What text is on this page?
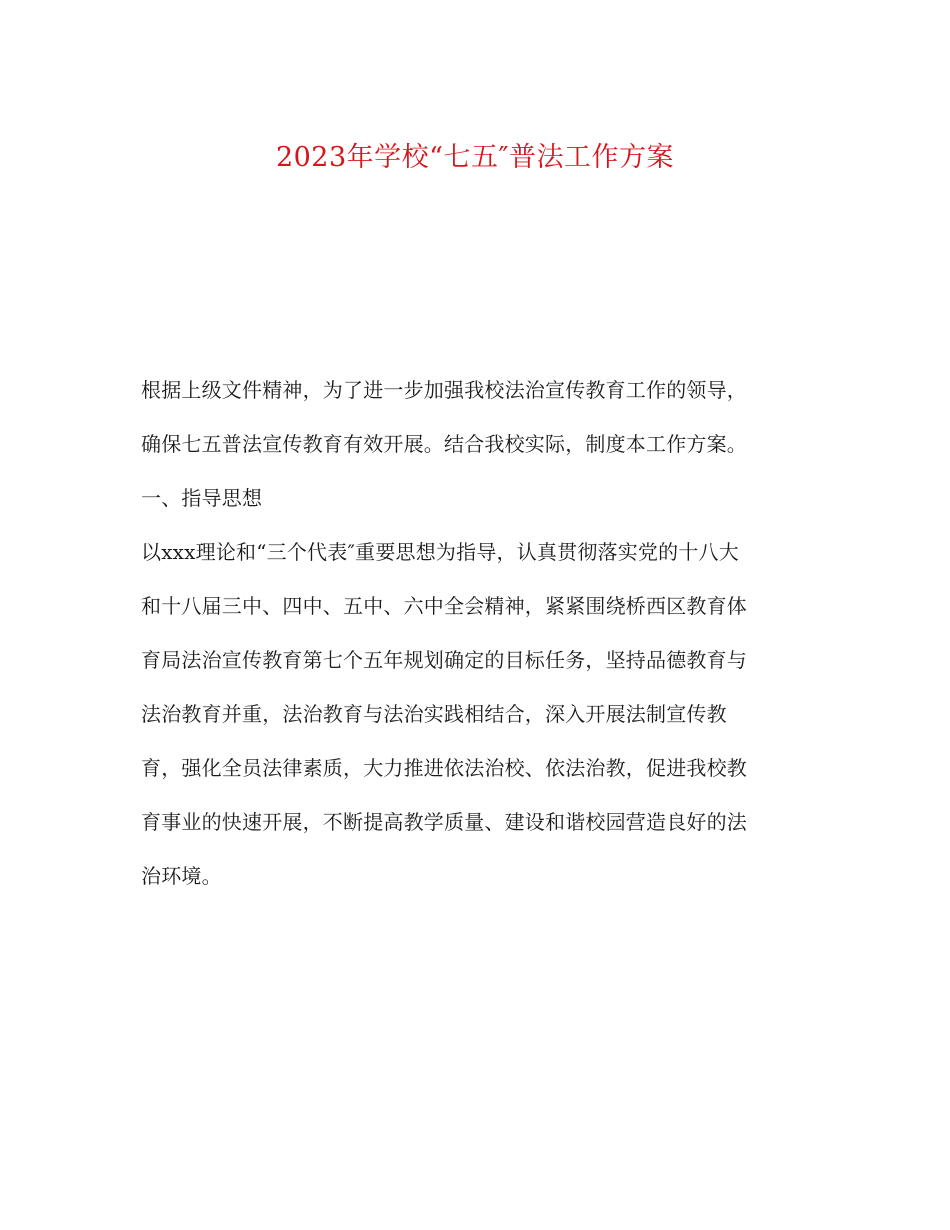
2023年学校“七五″普法工作方案
根据上级文件精神，为了进一步加强我校法治宣传教育工作的领导，
确保七五普法宣传教育有效开展。结合我校实际，制度本工作方案。
一、指导思想
以xxx理论和“三个代表″重要思想为指导，认真贯彻落实党的十八大
和十八届三中、四中、五中、六中全会精神，紧紧围绕桥西区教育体
育局法治宣传教育第七个五年规划确定的目标任务，坚持品德教育与
法治教育并重，法治教育与法治实践相结合，深入开展法制宣传教
育，强化全员法律素质，大力推进依法治校、依法治教，促进我校教
育事业的快速开展，不断提高教学质量、建设和谐校园营造良好的法
治环境。
